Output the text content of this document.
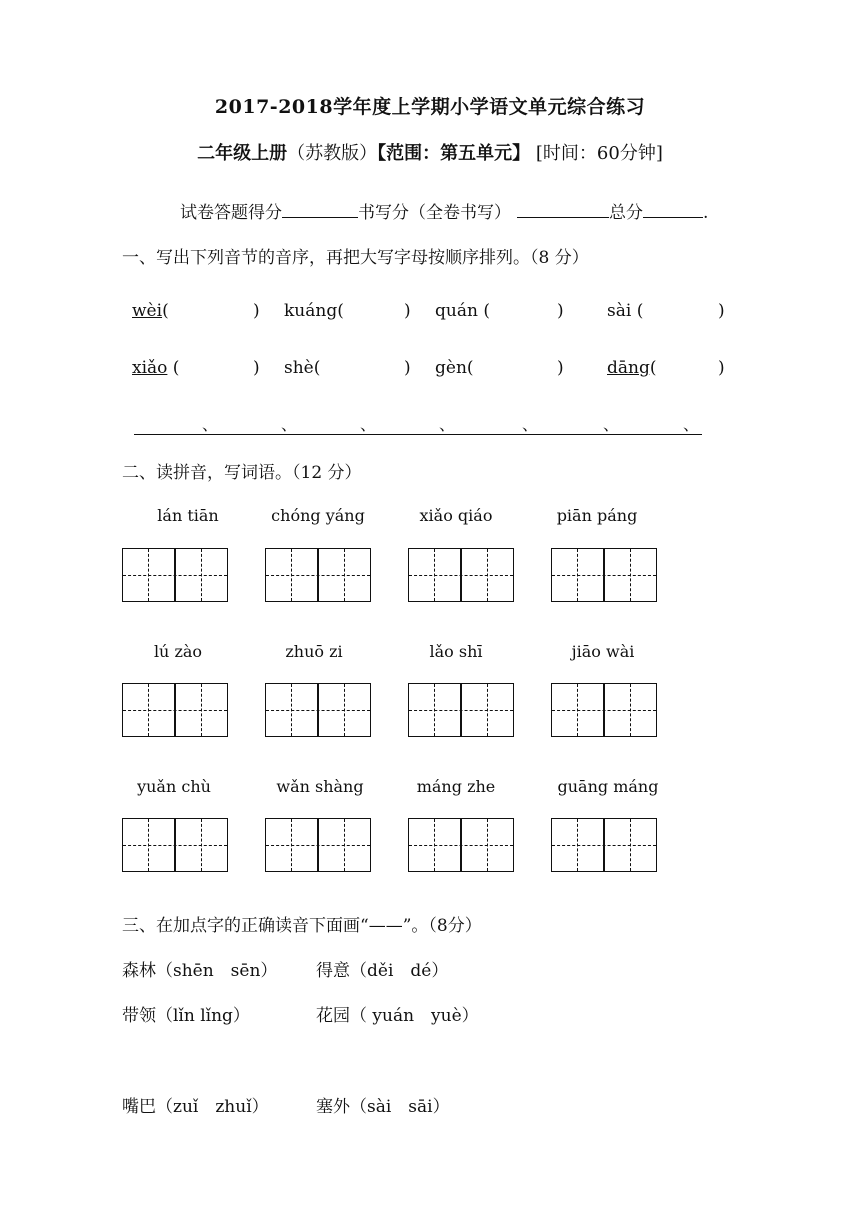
2017-2018学年度上学期小学语文单元综合练习
二年级上册（苏教版）【范围：第五单元】 [时间：60分钟]
试卷答题得分	书写分（全卷书写）	总分	.
一、写出下列音节的音序，再把大写字母按顺序排列。（8 分）
wèi(	) kuáng(	) quán (	)	sài (	)
xiǎo (	) shè(	) gèn(	)	dāng(	)
、	、	、	、	、	、	、
二、读拼音，写词语。（12 分）
lán tiān	chóng yáng	xiǎo qiáo	piān páng
lú zào	zhuō zi	lǎo shī	jiāo wài
yuǎn chù	wǎn shàng	máng zhe	guāng máng
三、在加点字的正确读音下面画“——”。（8分）
森林（shēn　sēn） 得意（děi　dé）
带领（lǐn lǐng）	花园（ yuán　yuè）
嘴巴（zuǐ　zhuǐ）	塞外（sài　sāi）
